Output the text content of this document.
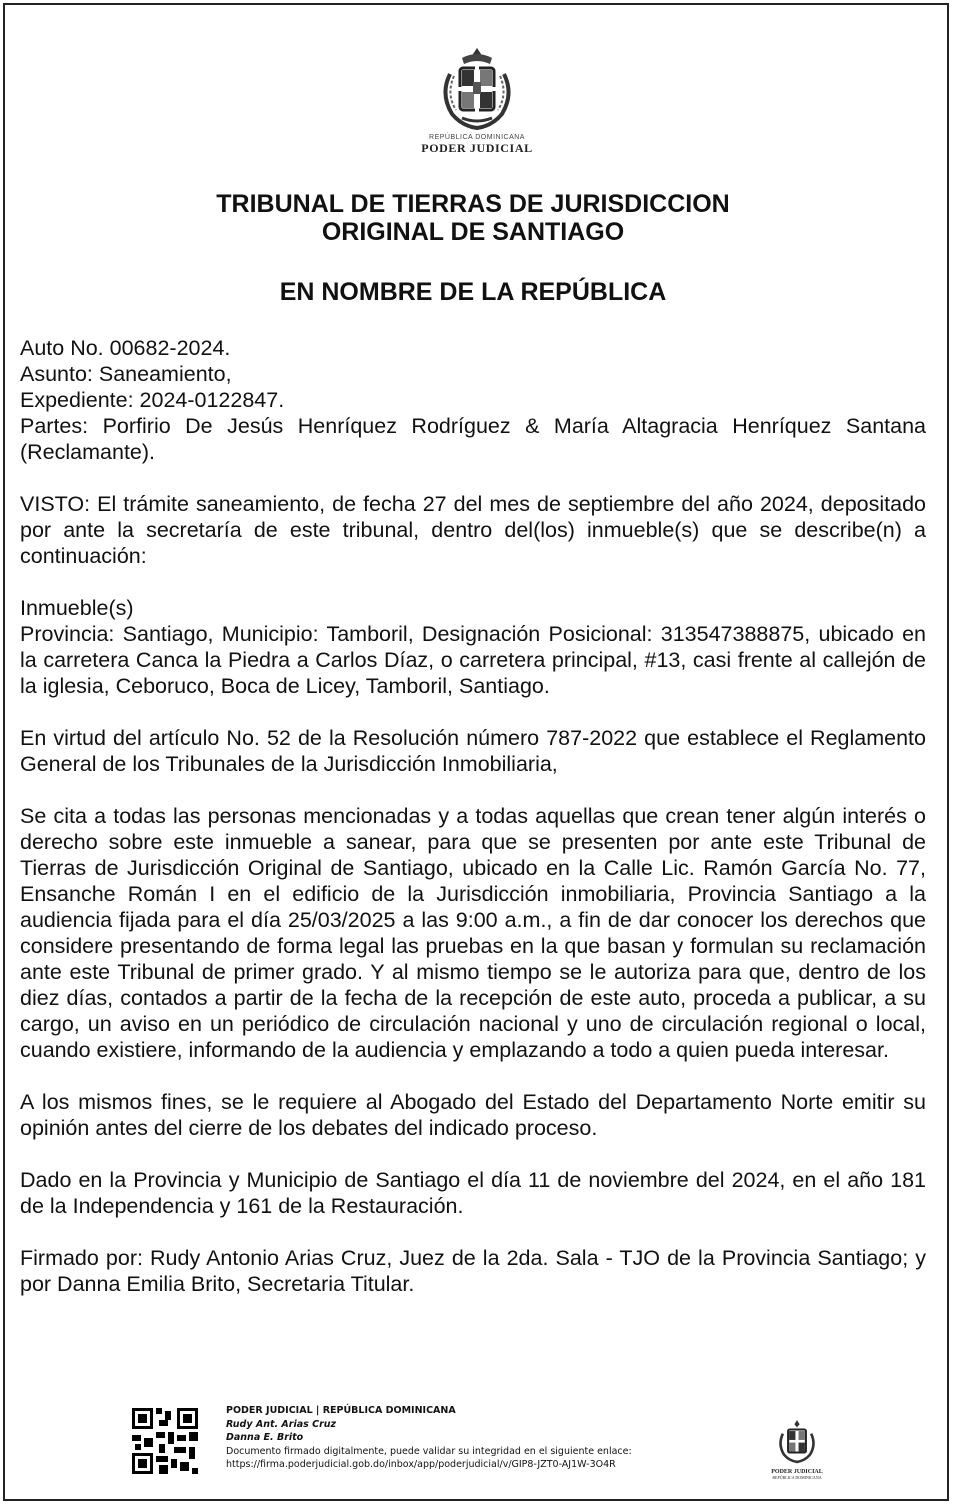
REPÚBLICA DOMINICANA
PODER JUDICIAL
TRIBUNAL DE TIERRAS DE JURISDICCION
ORIGINAL DE SANTIAGO
EN NOMBRE DE LA REPÚBLICA

Auto No. 00682-2024.
Asunto: Saneamiento,
Expediente: 2024-0122847.
Partes: Porfirio De Jesús Henríquez Rodríguez & María Altagracia Henríquez Santana (Reclamante).

VISTO: El trámite saneamiento, de fecha 27 del mes de septiembre del año 2024, depositado por ante la secretaría de este tribunal, dentro del(los) inmueble(s) que se describe(n) a continuación:

Inmueble(s)
Provincia: Santiago, Municipio: Tamboril, Designación Posicional: 313547388875, ubicado en la carretera Canca la Piedra a Carlos Díaz, o carretera principal, #13, casi frente al callejón de la iglesia, Ceboruco, Boca de Licey, Tamboril, Santiago.

En virtud del artículo No. 52 de la Resolución número 787-2022 que establece el Reglamento General de los Tribunales de la Jurisdicción Inmobiliaria,

Se cita a todas las personas mencionadas y a todas aquellas que crean tener algún interés o derecho sobre este inmueble a sanear, para que se presenten por ante este Tribunal de Tierras de Jurisdicción Original de Santiago, ubicado en la Calle Lic. Ramón García No. 77, Ensanche Román I en el edificio de la Jurisdicción inmobiliaria, Provincia Santiago a la audiencia fijada para el día 25/03/2025 a las 9:00 a.m., a fin de dar conocer los derechos que considere presentando de forma legal las pruebas en la que basan y formulan su reclamación ante este Tribunal de primer grado. Y al mismo tiempo se le autoriza para que, dentro de los diez días, contados a partir de la fecha de la recepción de este auto, proceda a publicar, a su cargo, un aviso en un periódico de circulación nacional y uno de circulación regional o local, cuando existiere, informando de la audiencia y emplazando a todo a quien pueda interesar.

A los mismos fines, se le requiere al Abogado del Estado del Departamento Norte emitir su opinión antes del cierre de los debates del indicado proceso.

Dado en la Provincia y Municipio de Santiago el día 11 de noviembre del 2024, en el año 181 de la Independencia y 161 de la Restauración.

Firmado por: Rudy Antonio Arias Cruz, Juez de la 2da. Sala - TJO de la Provincia Santiago; y por Danna Emilia Brito, Secretaria Titular.

PODER JUDICIAL | REPÚBLICA DOMINICANA
Rudy Ant. Arias Cruz
Danna E. Brito
Documento firmado digitalmente, puede validar su integridad en el siguiente enlace:
https://firma.poderjudicial.gob.do/inbox/app/poderjudicial/v/GIP8-JZT0-AJ1W-3O4R
PODER JUDICIAL
REPÚBLICA DOMINICANA
